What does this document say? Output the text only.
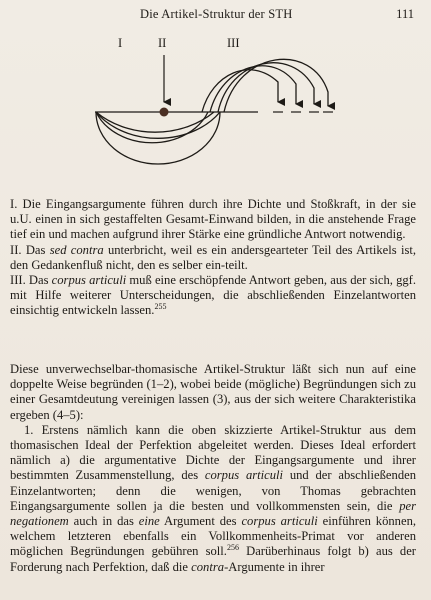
Die Artikel-Struktur der STH	111
I	II	III

I. Die Eingangsargumente führen durch ihre Dichte und Stoßkraft, in der sie u.U. einen in sich gestaffelten Gesamt-Einwand bilden, in die anstehende Frage tief ein und machen aufgrund ihrer Stärke eine gründliche Antwort notwendig.

II. Das sed contra unterbricht, weil es ein andersgearteter Teil des Artikels ist, den Gedankenfluß nicht, den es selber ein-teilt.

III. Das corpus articuli muß eine erschöpfende Antwort geben, aus der sich, ggf. mit Hilfe weiterer Unterscheidungen, die abschließenden Einzelantworten einsichtig entwickeln lassen.$^{255}$

Diese unverwechselbar-thomasische Artikel-Struktur läßt sich nun auf eine doppelte Weise begründen (1–2), wobei beide (mögliche) Begründungen sich zu einer Gesamtdeutung vereinigen lassen (3), aus der sich weitere Charakteristika ergeben (4–5):

1. Erstens nämlich kann die oben skizzierte Artikel-Struktur aus dem thomasischen Ideal der Perfektion abgeleitet werden. Dieses Ideal erfordert nämlich a) die argumentative Dichte der Eingangsargumente und ihrer bestimmten Zusammenstellung, des corpus articuli und der abschließenden Einzelantworten; denn die wenigen, von Thomas gebrachten Eingangsargumente sollen ja die besten und vollkommensten sein, die per negationem auch in das eine Argument des corpus articuli einführen können, welchem letzteren ebenfalls ein Vollkommenheits-Primat vor anderen möglichen Begründungen gebühren soll.$^{256}$ Darüberhinaus folgt b) aus der Forderung nach Perfektion, daß die contra-Argumente in ihrer
